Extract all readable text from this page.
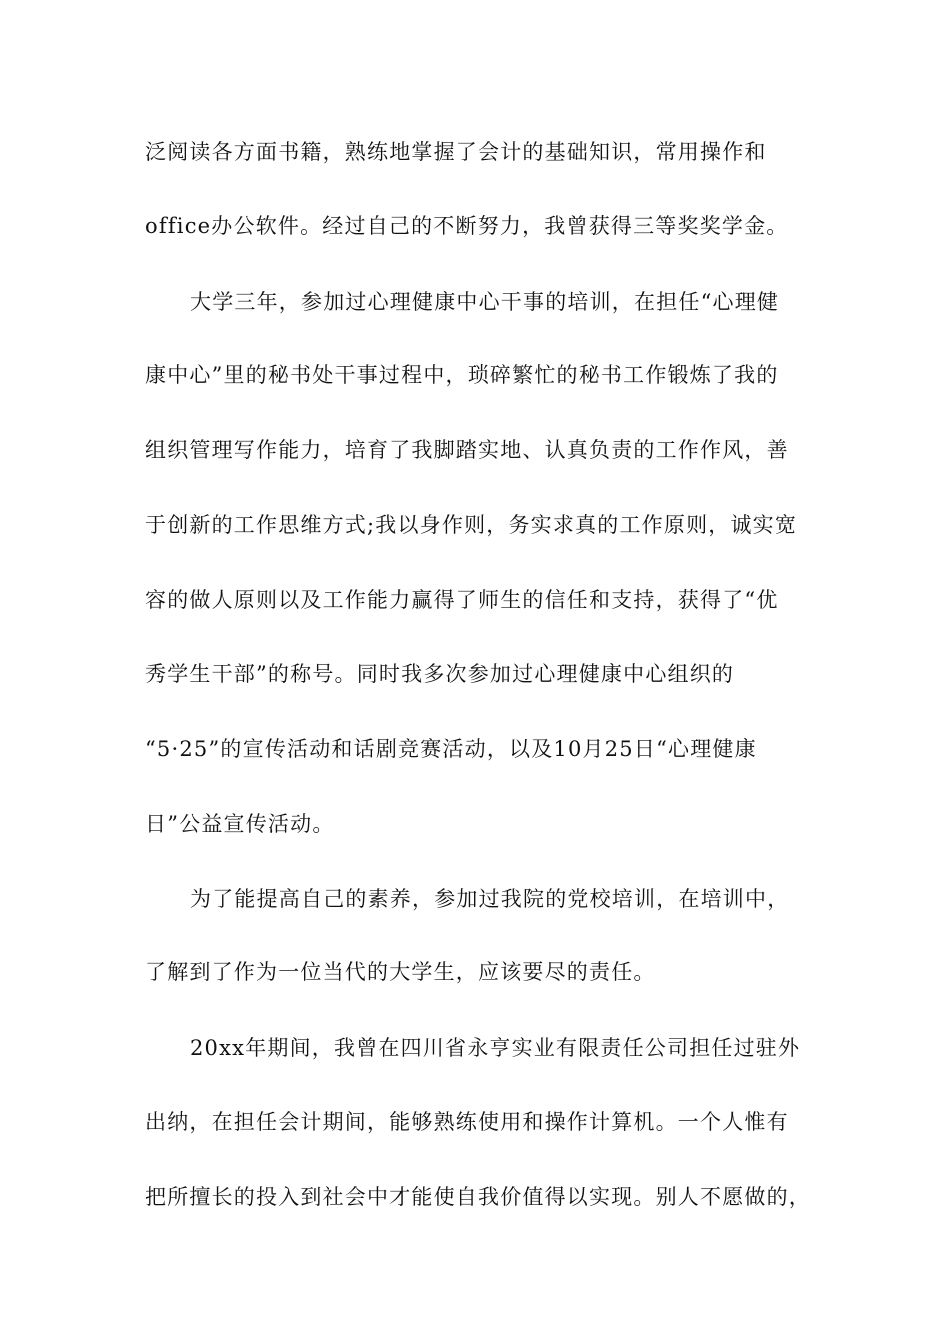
泛阅读各方面书籍，熟练地掌握了会计的基础知识，常用操作和
office办公软件。经过自己的不断努力，我曾获得三等奖奖学金。
大学三年，参加过心理健康中心干事的培训，在担任“心理健
康中心”里的秘书处干事过程中，琐碎繁忙的秘书工作锻炼了我的
组织管理写作能力，培育了我脚踏实地、认真负责的工作作风，善
于创新的工作思维方式;我以身作则，务实求真的工作原则，诚实宽
容的做人原则以及工作能力赢得了师生的信任和支持，获得了“优
秀学生干部”的称号。同时我多次参加过心理健康中心组织的
“5·25”的宣传活动和话剧竞赛活动，以及10月25日“心理健康
日”公益宣传活动。
为了能提高自己的素养，参加过我院的党校培训，在培训中，
了解到了作为一位当代的大学生，应该要尽的责任。
20xx年期间，我曾在四川省永亨实业有限责任公司担任过驻外
出纳，在担任会计期间，能够熟练使用和操作计算机。一个人惟有
把所擅长的投入到社会中才能使自我价值得以实现。别人不愿做的，
